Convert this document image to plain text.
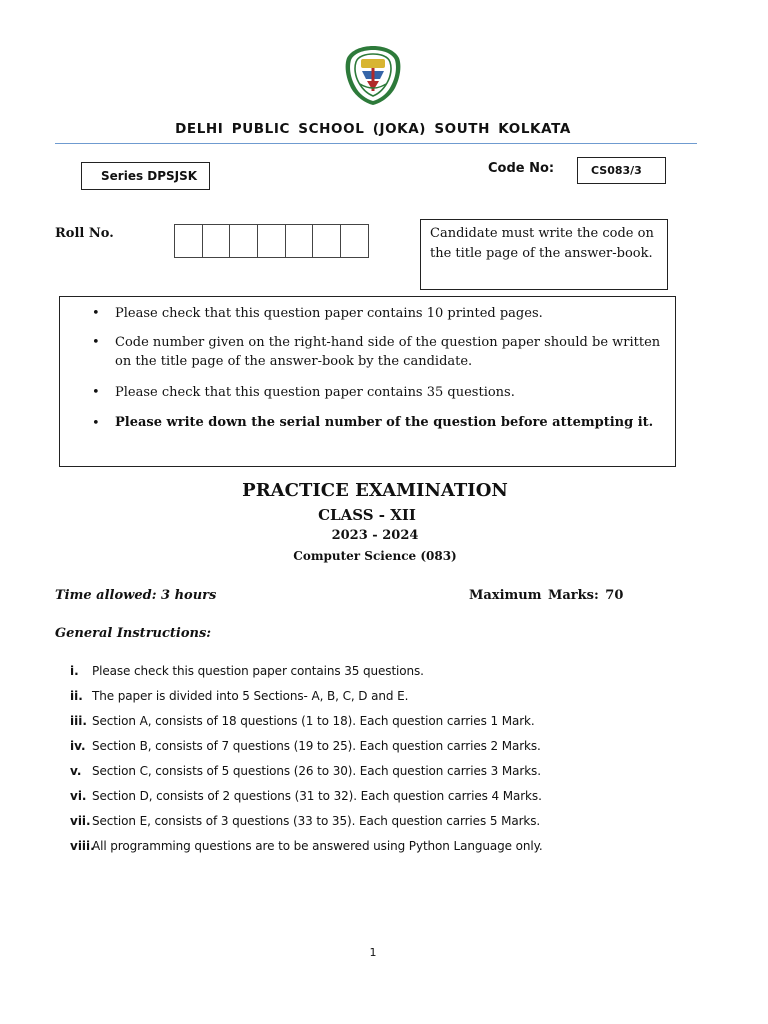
DELHI PUBLIC SCHOOL (JOKA) SOUTH KOLKATA
Series DPSJSK	Code No:	CS083/3
Roll No.	Candidate must write the code on the title page of the answer-book.
• Please check that this question paper contains 10 printed pages.
• Code number given on the right-hand side of the question paper should be written on the title page of the answer-book by the candidate.
• Please check that this question paper contains 35 questions.
• Please write down the serial number of the question before attempting it.
PRACTICE EXAMINATION
CLASS - XII
2023 - 2024
Computer Science (083)
Time allowed: 3 hours	Maximum Marks: 70
General Instructions:
i. Please check this question paper contains 35 questions.
ii. The paper is divided into 5 Sections- A, B, C, D and E.
iii. Section A, consists of 18 questions (1 to 18). Each question carries 1 Mark.
iv. Section B, consists of 7 questions (19 to 25). Each question carries 2 Marks.
v. Section C, consists of 5 questions (26 to 30). Each question carries 3 Marks.
vi. Section D, consists of 2 questions (31 to 32). Each question carries 4 Marks.
vii. Section E, consists of 3 questions (33 to 35). Each question carries 5 Marks.
viii.
All programming questions are to be answered using Python Language only.
1
